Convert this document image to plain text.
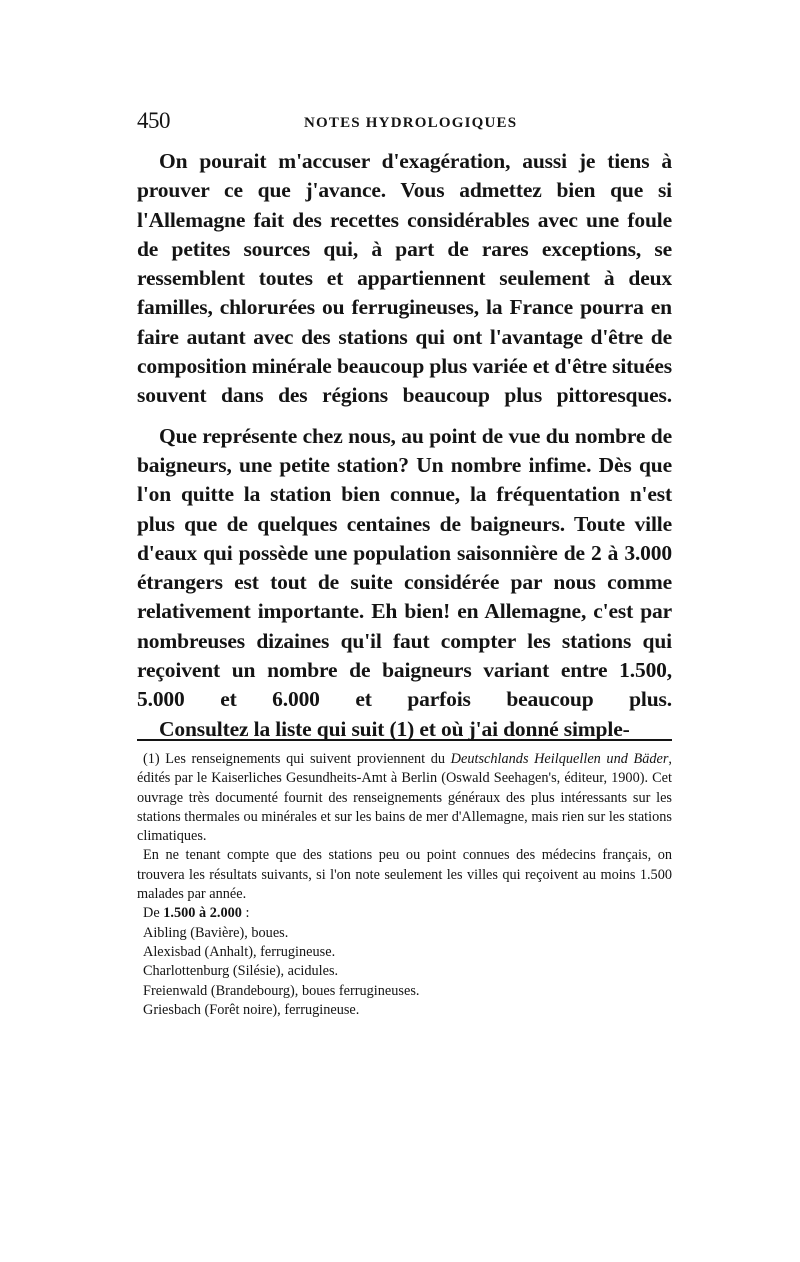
450	NOTES HYDROLOGIQUES

On pourait m'accuser d'exagération, aussi je tiens à prouver ce que j'avance. Vous admettez bien que si l'Allemagne fait des recettes considérables avec une foule de petites sources qui, à part de rares exceptions, se ressemblent toutes et appartiennent seulement à deux familles, chlorurées ou ferrugineuses, la France pourra en faire autant avec des stations qui ont l'avantage d'être de composition minérale beaucoup plus variée et d'être situées souvent dans des régions beaucoup plus pittoresques.

Que représente chez nous, au point de vue du nombre de baigneurs, une petite station? Un nombre infime. Dès que l'on quitte la station bien connue, la fréquentation n'est plus que de quelques centaines de baigneurs. Toute ville d'eaux qui possède une population saisonnière de 2 à 3.000 étrangers est tout de suite considérée par nous comme relativement importante. Eh bien! en Allemagne, c'est par nombreuses dizaines qu'il faut compter les stations qui reçoivent un nombre de baigneurs variant entre 1.500, 5.000 et 6.000 et parfois beaucoup plus.

Consultez la liste qui suit (1) et où j'ai donné simple-

(1) Les renseignements qui suivent proviennent du Deutschlands Heilquellen und Bäder, édités par le Kaiserliches Gesundheits-Amt à Berlin (Oswald Seehagen's, éditeur, 1900). Cet ouvrage très documenté fournit des renseignements généraux des plus intéressants sur les stations thermales ou minérales et sur les bains de mer d'Allemagne, mais rien sur les stations climatiques.

En ne tenant compte que des stations peu ou point connues des médecins français, on trouvera les résultats suivants, si l'on note seulement les villes qui reçoivent au moins 1.500 malades par année.

De 1.500 à 2.000 :

Aibling (Bavière), boues.
Alexisbad (Anhalt), ferrugineuse.
Charlottenburg (Silésie), acidules.
Freienwald (Brandebourg), boues ferrugineuses.
Griesbach (Forêt noire), ferrugineuse.
